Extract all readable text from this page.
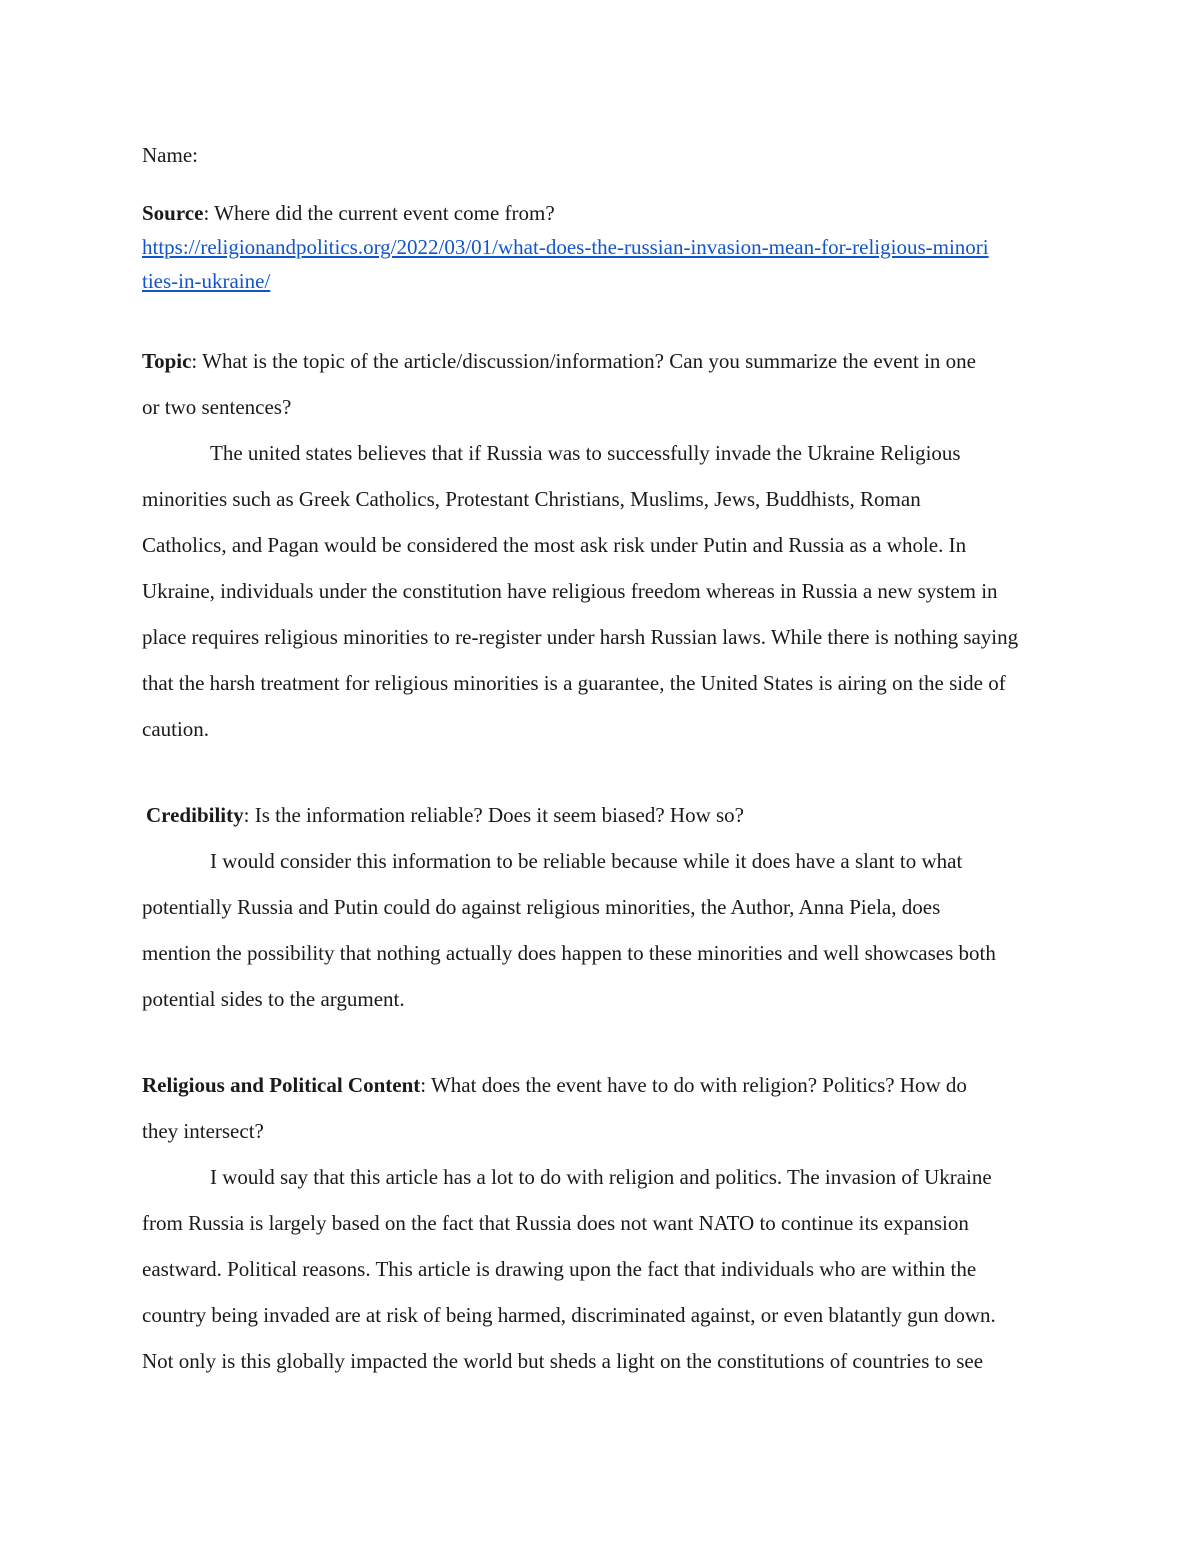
Name:
Source: Where did the current event come from?
https://religionandpolitics.org/2022/03/01/what-does-the-russian-invasion-mean-for-religious-minori
ties-in-ukraine/
Topic: What is the topic of the article/discussion/information? Can you summarize the event in one
or two sentences?
The united states believes that if Russia was to successfully invade the Ukraine Religious
minorities such as Greek Catholics, Protestant Christians, Muslims, Jews, Buddhists, Roman
Catholics, and Pagan would be considered the most ask risk under Putin and Russia as a whole. In
Ukraine, individuals under the constitution have religious freedom whereas in Russia a new system in
place requires religious minorities to re-register under harsh Russian laws. While there is nothing saying
that the harsh treatment for religious minorities is a guarantee, the United States is airing on the side of
caution.
Credibility: Is the information reliable? Does it seem biased? How so?
I would consider this information to be reliable because while it does have a slant to what
potentially Russia and Putin could do against religious minorities, the Author, Anna Piela, does
mention the possibility that nothing actually does happen to these minorities and well showcases both
potential sides to the argument.
Religious and Political Content: What does the event have to do with religion? Politics? How do
they intersect?
I would say that this article has a lot to do with religion and politics. The invasion of Ukraine
from Russia is largely based on the fact that Russia does not want NATO to continue its expansion
eastward. Political reasons. This article is drawing upon the fact that individuals who are within the
country being invaded are at risk of being harmed, discriminated against, or even blatantly gun down.
Not only is this globally impacted the world but sheds a light on the constitutions of countries to see
